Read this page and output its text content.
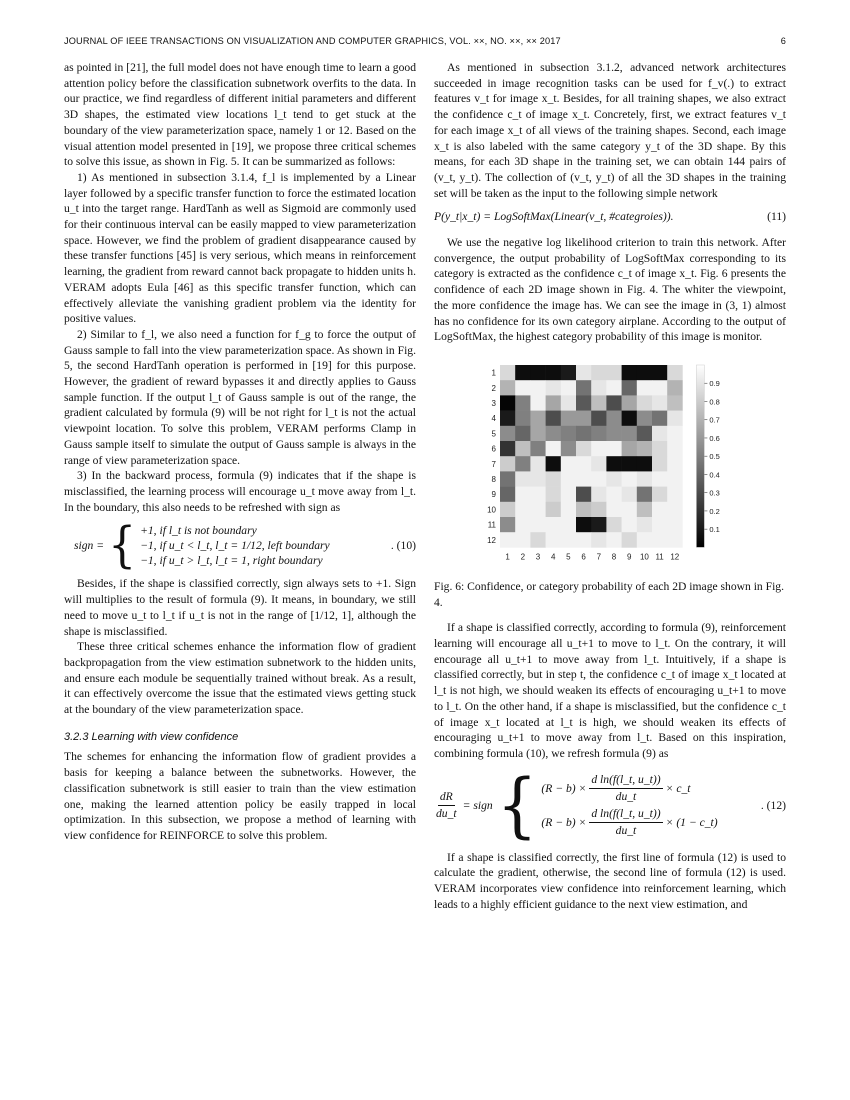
JOURNAL OF IEEE TRANSACTIONS ON VISUALIZATION AND COMPUTER GRAPHICS, VOL. ××, NO. ××, ×× 2017	6

as pointed in [21], the full model does not have enough time to learn a good attention policy before the classification subnetwork overfits to the data. In our practice, we find regardless of different initial parameters and different 3D shapes, the estimated view locations l_t tend to get stuck at the boundary of the view parameterization space, namely 1 or 12. Based on the visual attention model presented in [19], we propose three critical schemes to solve this issue, as shown in Fig. 5. It can be summarized as follows:

1) As mentioned in subsection 3.1.4, f_l is implemented by a Linear layer followed by a specific transfer function to force the estimated location u_t into the target range. HardTanh as well as Sigmoid are commonly used for their continuous interval can be easily mapped to view parameterization space. However, we find the problem of gradient disappearance caused by these transfer functions [45] is very serious, which means in reinforcement learning, the gradient from reward cannot back propagate to hidden units h. VERAM adopts Eula [46] as this specific transfer function, which can effectively alleviate the vanishing gradient problem via the identity for positive values.

2) Similar to f_l, we also need a function for f_g to force the output of Gauss sample to fall into the view parameterization space. As shown in Fig. 5, the second HardTanh operation is performed in [19] for this purpose. However, the gradient of reward bypasses it and directly applies to Gauss sample function. If the output l_t of Gauss sample is out of the range, the gradient calculated by formula (9) will be not right for l_t is not the actual viewpoint location. To solve this problem, VERAM performs Clamp in Gauss sample itself to simulate the output of Gauss sample is always in the range of view parameterization space.

3) In the backward process, formula (9) indicates that if the shape is misclassified, the learning process will encourage u_t move away from l_t. In the boundary, this also needs to be refreshed with sign as

sign = { +1, if l_t is not boundary
−1, if u_t < l_t, l_t = 1/12, left boundary
−1, if u_t > l_t, l_t = 1, right boundary
. (10)

Besides, if the shape is classified correctly, sign always sets to +1. Sign will multiplies to the result of formula (9). It means, in boundary, we still need to move u_t to l_t if u_t is not in the range of [1/12, 1], although the shape is misclassified.

These three critical schemes enhance the information flow of gradient backpropagation from the view estimation subnetwork to the hidden units, and ensure each module be sequentially trained without break. As a result, it can effectively overcome the issue that the estimated views getting stuck at the boundary of the view parameterization space.

3.2.3 Learning with view confidence

The schemes for enhancing the information flow of gradient provides a basis for keeping a balance between the subnetworks. However, the classification subnetwork is still easier to train than the view estimation one, making the learned attention policy be easily trapped in local optimization. In this subsection, we propose a method of learning with view confidence for REINFORCE to solve this problem.

As mentioned in subsection 3.1.2, advanced network architectures succeeded in image recognition tasks can be used for f_v(.) to extract features v_t for image x_t. Besides, for all training shapes, we also extract the confidence c_t of image x_t. Concretely, first, we extract features v_t for each image x_t of all views of the training shapes. Second, each image x_t is also labeled with the same category y_t of the 3D shape. By this means, for each 3D shape in the training set, we can obtain 144 pairs of (v_t, y_t). The collection of (v_t, y_t) of all the 3D shapes in the training set will be taken as the input to the following simple network

P(y_t|x_t) = LogSoftMax(Linear(v_t, #categroies)).	(11)

We use the negative log likelihood criterion to train this network. After convergence, the output probability of LogSoftMax corresponding to its category is extracted as the confidence c_t of image x_t. Fig. 6 presents the confidence of each 2D image shown in Fig. 4. The whiter the viewpoint, the more confidence the image has. We can see the image in (3, 1) almost has no confidence for its own category airplane. According to the output of LogSoftMax, the highest category probability of this image is monitor.

1
2
3
4
5
6
7
8
9
10
11
12
1 2 3 4 5 6 7 8 9 10 11 12
0.9
0.8
0.7
0.6
0.5
0.4
0.3
0.2
0.1

Fig. 6: Confidence, or category probability of each 2D image shown in Fig. 4.

If a shape is classified correctly, according to formula (9), reinforcement learning will encourage all u_t+1 to move to l_t. On the contrary, it will encourage all u_t+1 to move away from l_t. Intuitively, if a shape is classified correctly, but in step t, the confidence c_t of image x_t located at l_t is not high, we should weaken its effects of encouraging u_t+1 to move to l_t. On the other hand, if a shape is misclassified, but the confidence c_t of image x_t located at l_t is high, we should weaken its effects of encouraging u_t+1 to move away from l_t. Based on this inspiration, combining formula (10), we refresh formula (9) as

$\frac{dR}{du\_t}$ = sign { $(R - b) \times \frac{\text{d ln(f(l\_t, u\_t))}}{du\_t}$ × c_t
$(R - b) \times \frac{\text{d ln(f(l\_t, u\_t))}}{du\_t} \times (1$ − c_t)
. (12)

If a shape is classified correctly, the first line of formula (12) is used to calculate the gradient, otherwise, the second line of formula (12) is used. VERAM incorporates view confidence into reinforcement learning, which leads to a highly efficient guidance to the next view estimation, and
